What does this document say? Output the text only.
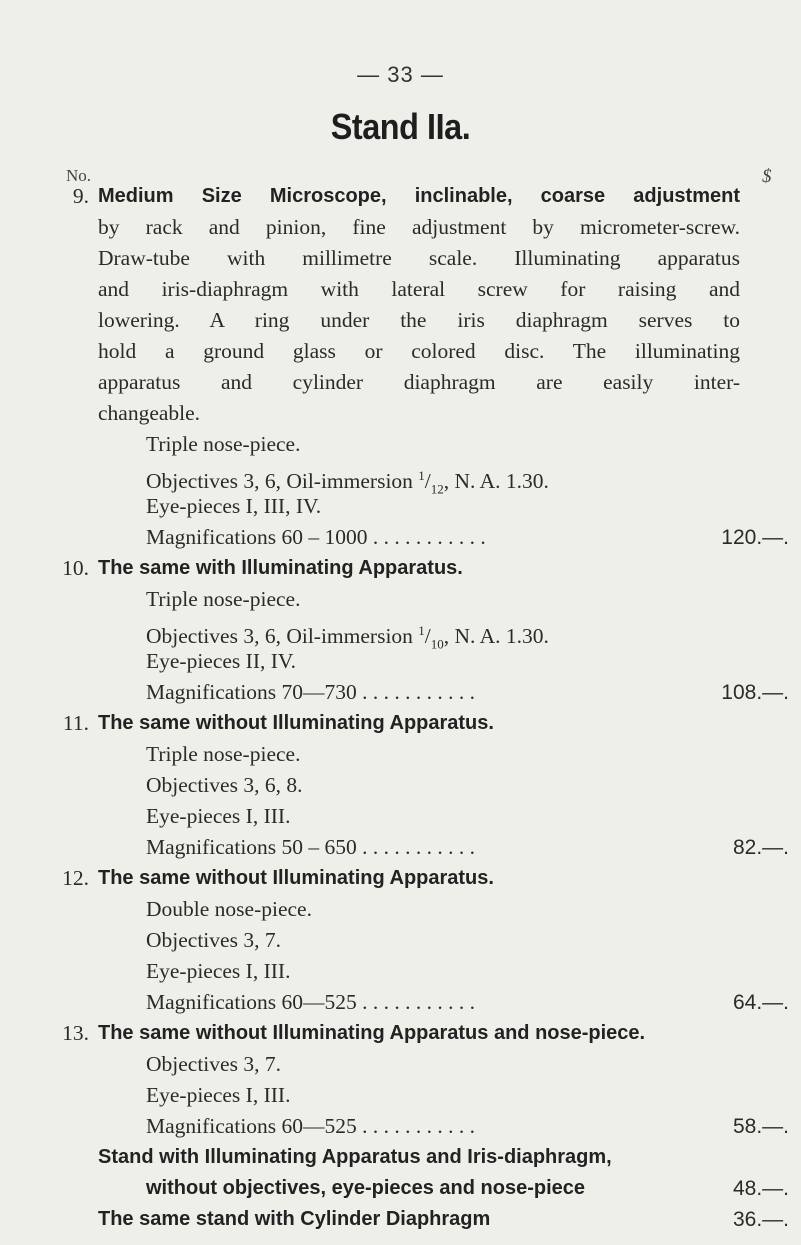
— 33 —
Stand IIa.
No.	$
9. Medium Size Microscope, inclinable, coarse adjustment
by rack and pinion, fine adjustment by micrometer-screw.
Draw-tube with millimetre scale. Illuminating apparatus
and iris-diaphragm with lateral screw for raising and
lowering. A ring under the iris diaphragm serves to
hold a ground glass or colored disc. The illuminating
apparatus and cylinder diaphragm are easily inter-
changeable.
Triple nose-piece.
Objectives 3, 6, Oil-immersion $^1/_{12}$, N. A. 1.30.
Eye-pieces I, III, IV.
Magnifications 60 – 1000 . . . . . . . . . . .	120.—.
10. The same with Illuminating Apparatus.
Triple nose-piece.
Objectives 3, 6, Oil-immersion $^1/_{10}$, N. A. 1.30.
Eye-pieces II, IV.
Magnifications 70—730 . . . . . . . . . . .	108.—.
11. The same without Illuminating Apparatus.
Triple nose-piece.
Objectives 3, 6, 8.
Eye-pieces I, III.
Magnifications 50 – 650 . . . . . . . . . . .	82.—.
12. The same without Illuminating Apparatus.
Double nose-piece.
Objectives 3, 7.
Eye-pieces I, III.
Magnifications 60—525 . . . . . . . . . . .	64.—.
13. The same without Illuminating Apparatus and nose-piece.
Objectives 3, 7.
Eye-pieces I, III.
Magnifications 60—525 . . . . . . . . . . .	58.—.
Stand with Illuminating Apparatus and Iris-diaphragm,
without objectives, eye-pieces and nose-piece	48.—.
The same stand with Cylinder Diaphragm	36.—.
